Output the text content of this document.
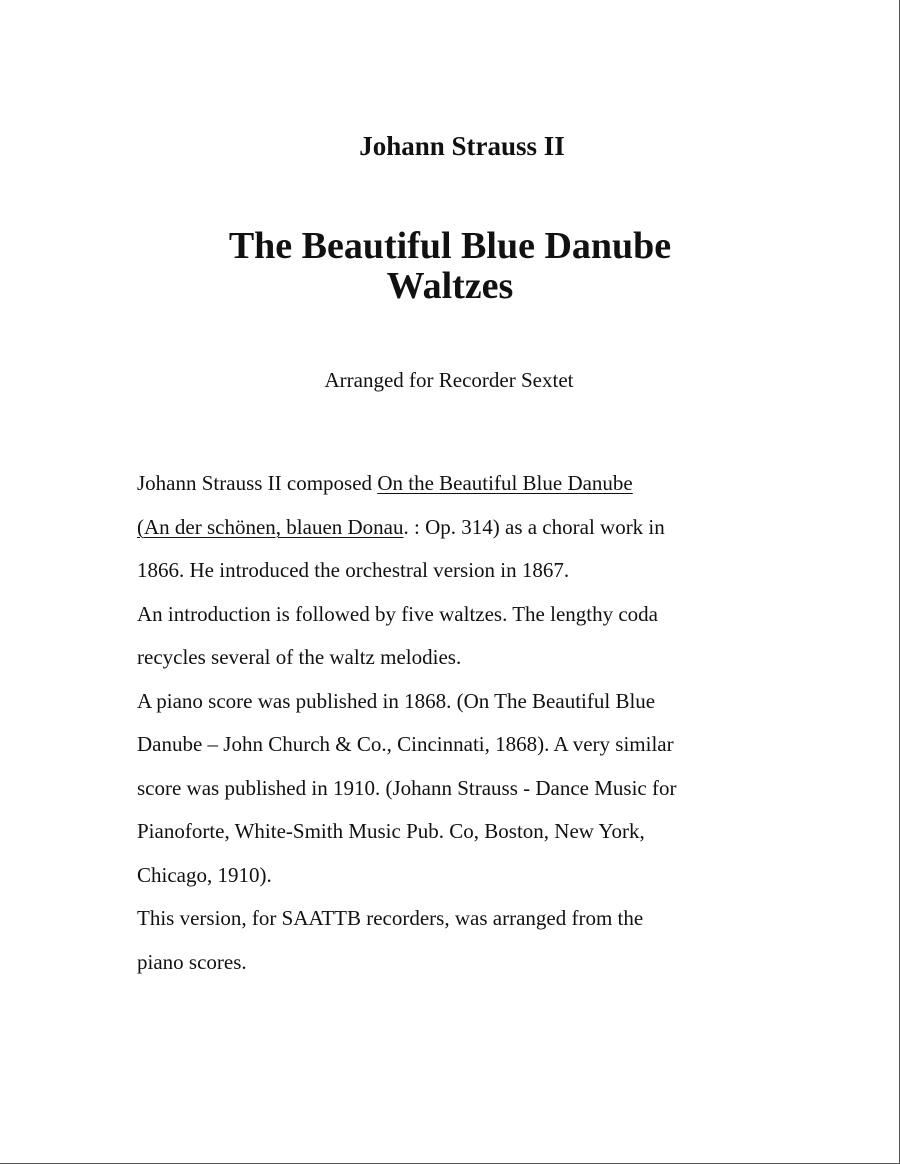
Johann Strauss II
The Beautiful Blue Danube
Waltzes
Arranged for Recorder Sextet

Johann Strauss II composed On the Beautiful Blue Danube
(An der schönen, blauen Donau. : Op. 314) as a choral work in
1866. He introduced the orchestral version in 1867.

An introduction is followed by five waltzes. The lengthy coda
recycles several of the waltz melodies.

A piano score was published in 1868. (On The Beautiful Blue
Danube – John Church & Co., Cincinnati, 1868). A very similar
score was published in 1910. (Johann Strauss - Dance Music for
Pianoforte, White-Smith Music Pub. Co, Boston, New York,
Chicago, 1910).

This version, for SAATTB recorders, was arranged from the
piano scores.
